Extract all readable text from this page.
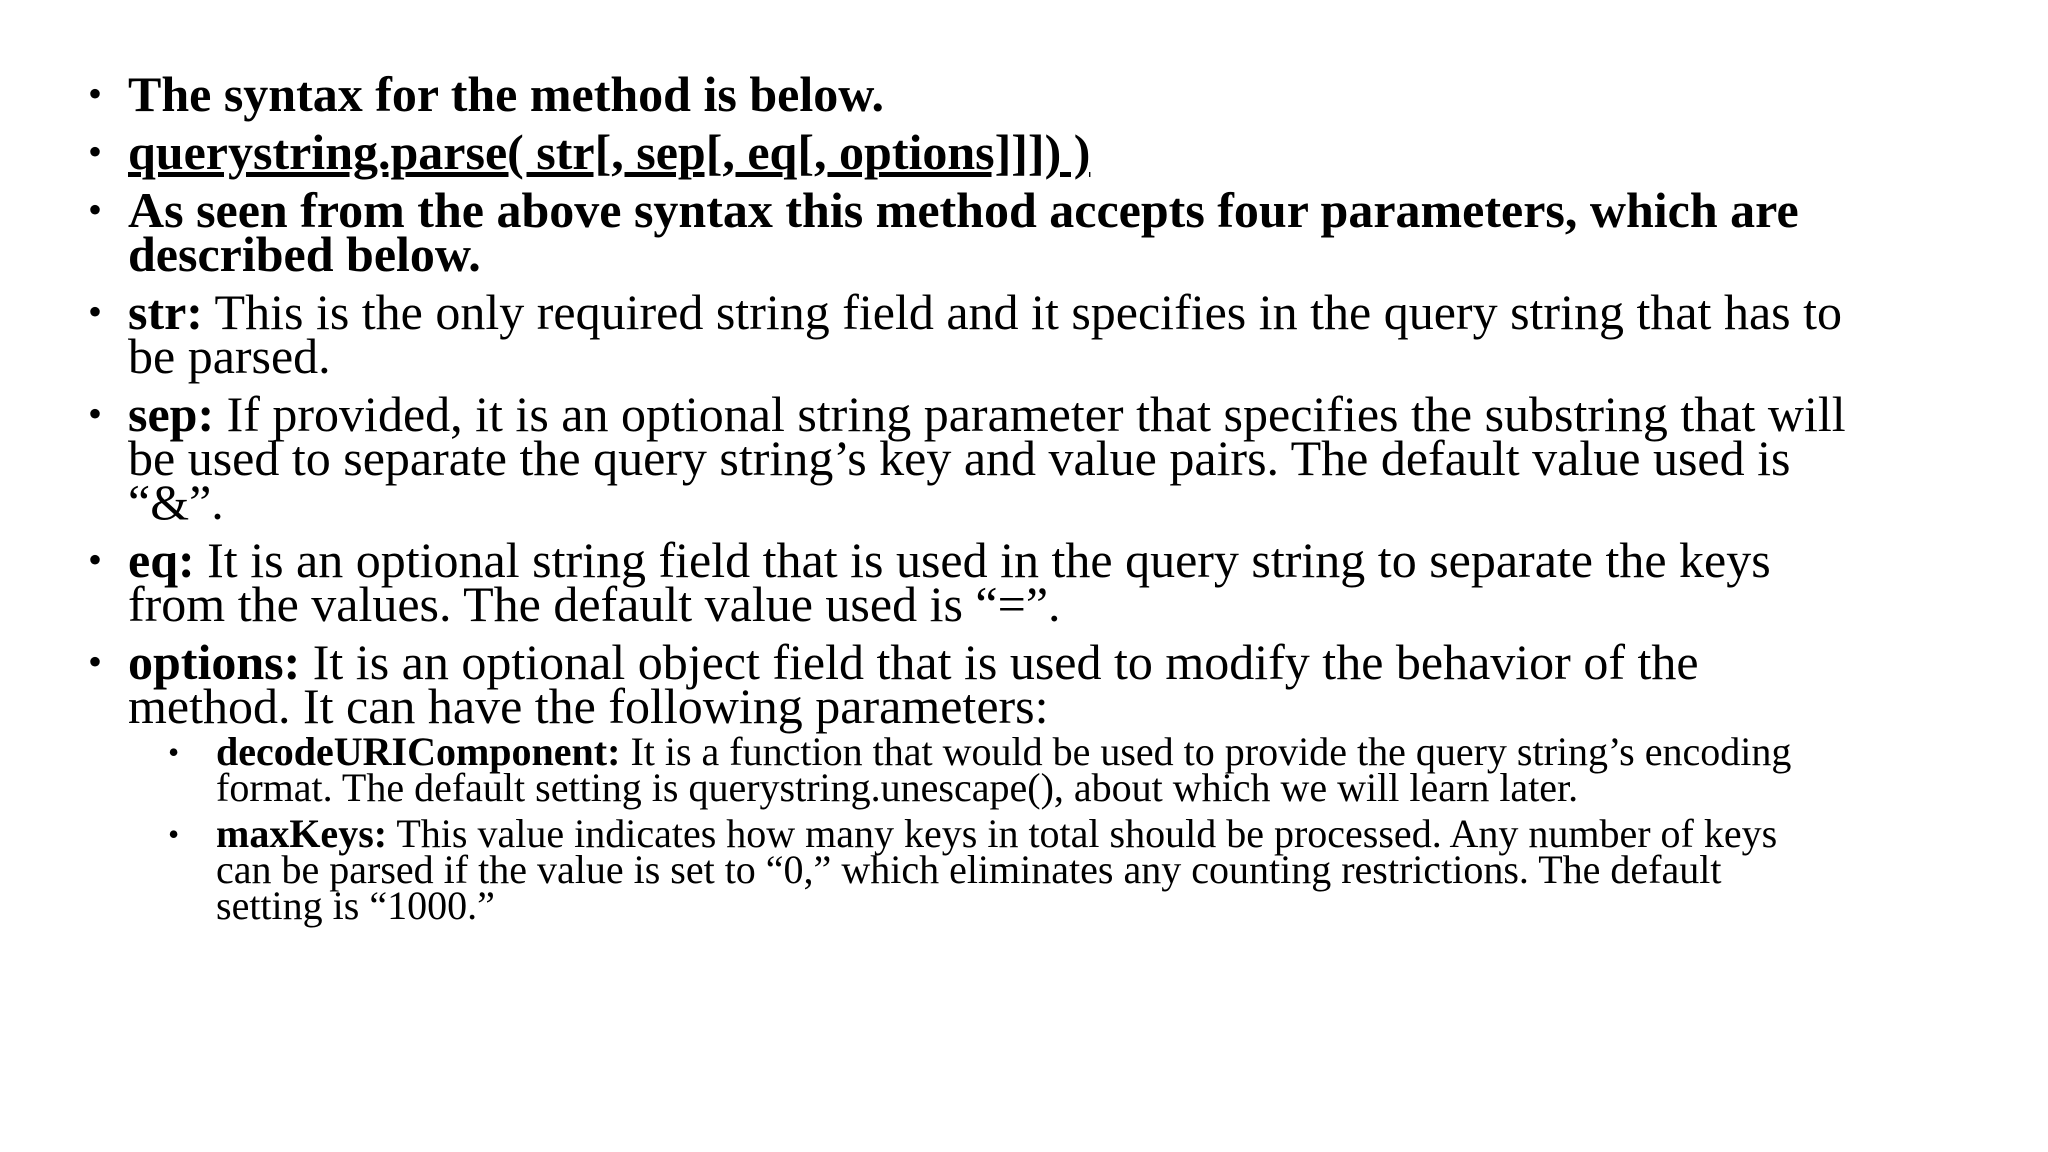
• The syntax for the method is below.
• querystring.parse( str[, sep[, eq[, options]]]) )
• As seen from the above syntax this method accepts four parameters, which are described below.
• str: This is the only required string field and it specifies in the query string that has to be parsed.
• sep: If provided, it is an optional string parameter that specifies the substring that will be used to separate the query string’s key and value pairs. The default value used is “&”.
• eq: It is an optional string field that is used in the query string to separate the keys from the values. The default value used is “=”.
• options: It is an optional object field that is used to modify the behavior of the method. It can have the following parameters:
• decodeURIComponent: It is a function that would be used to provide the query string’s encoding format. The default setting is querystring.unescape(), about which we will learn later.
• maxKeys: This value indicates how many keys in total should be processed. Any number of keys can be parsed if the value is set to “0,” which eliminates any counting restrictions. The default setting is “1000.”
